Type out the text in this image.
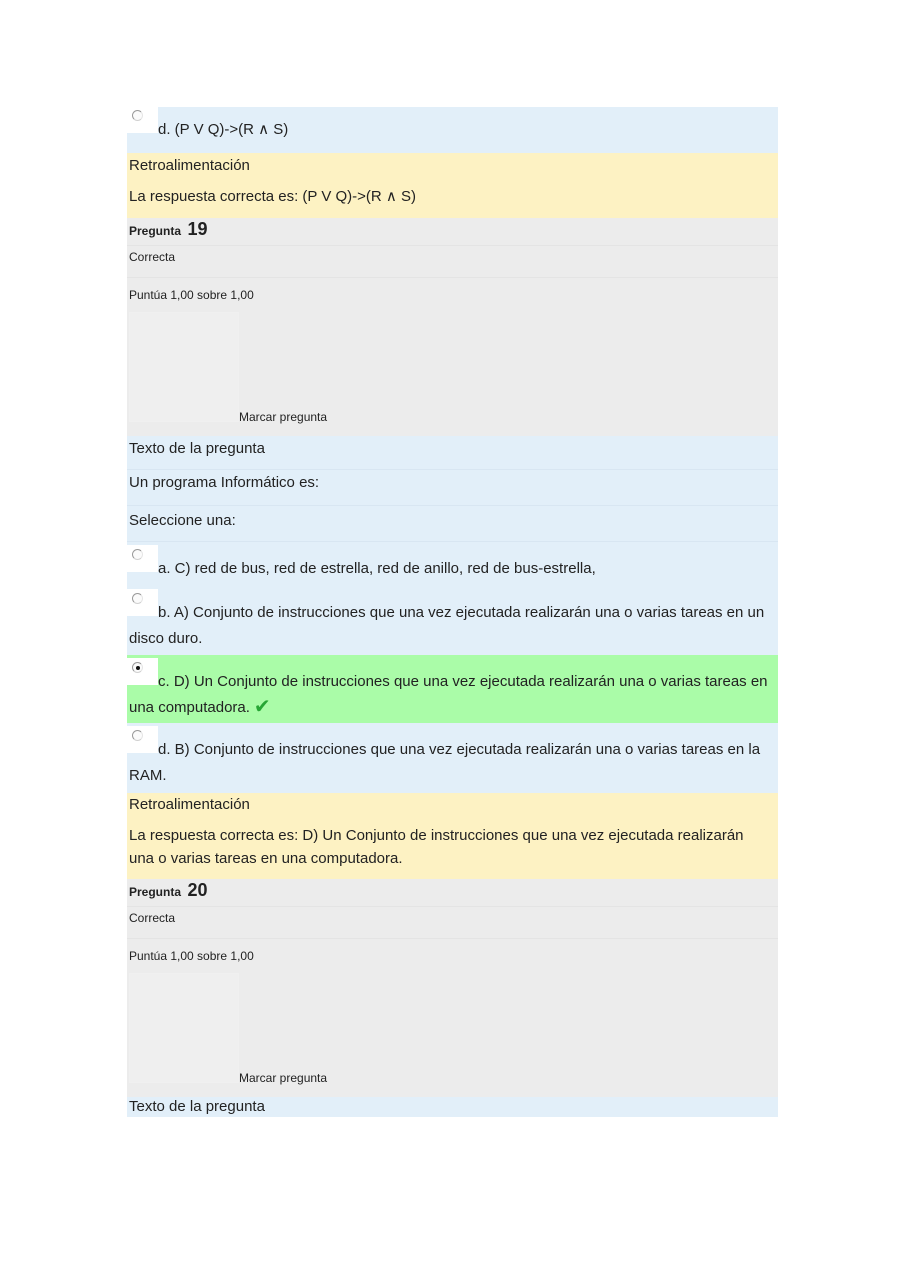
d. (P V Q)->(R ∧ S)
Retroalimentación
La respuesta correcta es: (P V Q)->(R ∧ S)
Pregunta 19
Correcta
Puntúa 1,00 sobre 1,00
Marcar pregunta
Texto de la pregunta
Un programa Informático es:
Seleccione una:
a. C) red de bus, red de estrella, red de anillo, red de bus-estrella,
b. A) Conjunto de instrucciones que una vez ejecutada realizarán una o varias tareas en un disco duro.
c. D) Un Conjunto de instrucciones que una vez ejecutada realizarán una o varias tareas en una computadora. ✔
d. B) Conjunto de instrucciones que una vez ejecutada realizarán una o varias tareas en la RAM.
Retroalimentación
La respuesta correcta es: D) Un Conjunto de instrucciones que una vez ejecutada realizarán una o varias tareas en una computadora.
Pregunta 20
Correcta
Puntúa 1,00 sobre 1,00
Marcar pregunta
Texto de la pregunta
